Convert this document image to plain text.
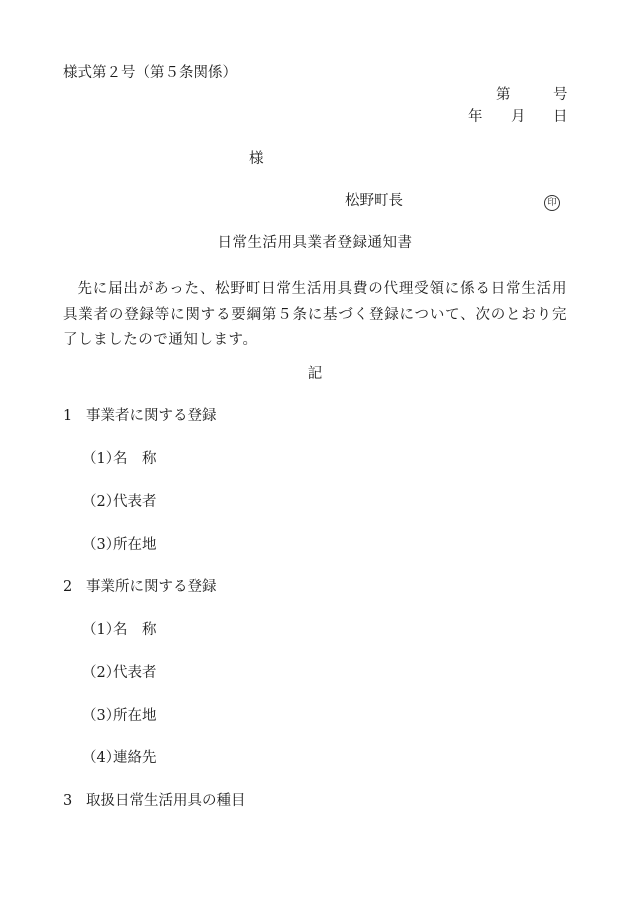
様式第２号（第５条関係）
第	号
年 月 日
様
松野町長	印
日常生活用具業者登録通知書
先に届出があった、松野町日常生活用具費の代理受領に係る日常生活用具業者の登録等に関する要綱第５条に基づく登録について、次のとおり完了しましたので通知します。
記
1 事業者に関する登録
（1）
名　称
（2）
代表者
（3）
所在地
2 事業所に関する登録
（1）
名　称
（2）
代表者
（3）
所在地
（4）
連絡先
3 取扱日常生活用具の種目
